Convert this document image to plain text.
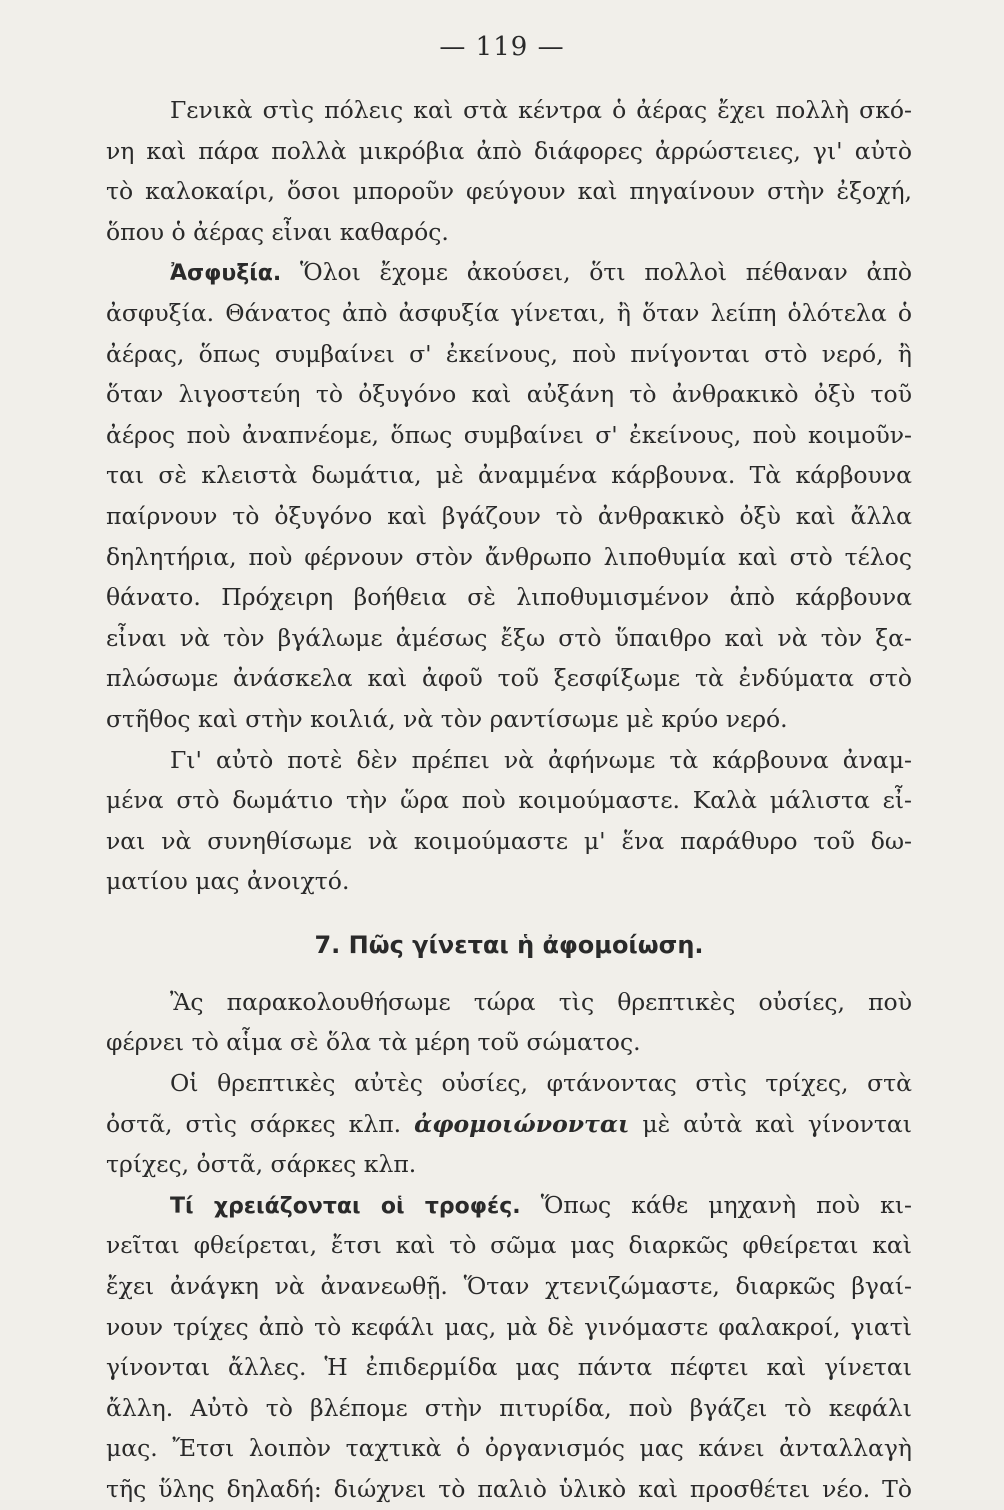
— 119 —
Γενικὰ στὶς πόλεις καὶ στὰ κέντρα ὁ ἀέρας ἔχει πολλὴ σκό-
νη καὶ πάρα πολλὰ μικρόβια ἀπὸ διάφορες ἀρρώστειες, γι' αὐτὸ
τὸ καλοκαίρι, ὅσοι μποροῦν φεύγουν καὶ πηγαίνουν στὴν ἐξοχή,
ὅπου ὁ ἀέρας εἶναι καθαρός.
Ἀσφυξία. Ὅλοι ἔχομε ἀκούσει, ὅτι πολλοὶ πέθαναν ἀπὸ
ἀσφυξία. Θάνατος ἀπὸ ἀσφυξία γίνεται, ἢ ὅταν λείπη ὁλότελα ὁ
ἀέρας, ὅπως συμβαίνει σ' ἐκείνους, ποὺ πνίγονται στὸ νερό, ἢ
ὅταν λιγοστεύη τὸ ὀξυγόνο καὶ αὐξάνη τὸ ἀνθρακικὸ ὀξὺ τοῦ
ἀέρος ποὺ ἀναπνέομε, ὅπως συμβαίνει σ' ἐκείνους, ποὺ κοιμοῦν-
ται σὲ κλειστὰ δωμάτια, μὲ ἀναμμένα κάρβουνα. Τὰ κάρβουνα
παίρνουν τὸ ὀξυγόνο καὶ βγάζουν τὸ ἀνθρακικὸ ὀξὺ καὶ ἄλλα
δηλητήρια, ποὺ φέρνουν στὸν ἄνθρωπο λιποθυμία καὶ στὸ τέλος
θάνατο. Πρόχειρη βοήθεια σὲ λιποθυμισμένον ἀπὸ κάρβουνα
εἶναι νὰ τὸν βγάλωμε ἀμέσως ἔξω στὸ ὕπαιθρο καὶ νὰ τὸν ξα-
πλώσωμε ἀνάσκελα καὶ ἀφοῦ τοῦ ξεσφίξωμε τὰ ἐνδύματα στὸ
στῆθος καὶ στὴν κοιλιά, νὰ τὸν ραντίσωμε μὲ κρύο νερό.
Γι' αὐτὸ ποτὲ δὲν πρέπει νὰ ἀφήνωμε τὰ κάρβουνα ἀναμ-
μένα στὸ δωμάτιο τὴν ὥρα ποὺ κοιμούμαστε. Καλὰ μάλιστα εἶ-
ναι νὰ συνηθίσωμε νὰ κοιμούμαστε μ' ἕνα παράθυρο τοῦ δω-
ματίου μας ἀνοιχτό.
7. Πῶς γίνεται ἡ ἀφομοίωση.
Ἂς παρακολουθήσωμε τώρα τὶς θρεπτικὲς οὐσίες, ποὺ
φέρνει τὸ αἷμα σὲ ὅλα τὰ μέρη τοῦ σώματος.
Οἱ θρεπτικὲς αὐτὲς οὐσίες, φτάνοντας στὶς τρίχες, στὰ
ὀστᾶ, στὶς σάρκες κλπ. ἀφομοιώνονται μὲ αὐτὰ καὶ γίνονται
τρίχες, ὀστᾶ, σάρκες κλπ.
Τί χρειάζονται οἱ τροφές. Ὅπως κάθε μηχανὴ ποὺ κι-
νεῖται φθείρεται, ἔτσι καὶ τὸ σῶμα μας διαρκῶς φθείρεται καὶ
ἔχει ἀνάγκη νὰ ἀνανεωθῇ. Ὅταν χτενιζώμαστε, διαρκῶς βγαί-
νουν τρίχες ἀπὸ τὸ κεφάλι μας, μὰ δὲ γινόμαστε φαλακροί, γιατὶ
γίνονται ἄλλες. Ἡ ἐπιδερμίδα μας πάντα πέφτει καὶ γίνεται
ἄλλη. Αὐτὸ τὸ βλέπομε στὴν πιτυρίδα, ποὺ βγάζει τὸ κεφάλι
μας. Ἔτσι λοιπὸν ταχτικὰ ὁ ὀργανισμός μας κάνει ἀνταλλαγὴ
τῆς ὕλης δηλαδή: διώχνει τὸ παλιὸ ὑλικὸ καὶ προσθέτει νέο. Τὸ
